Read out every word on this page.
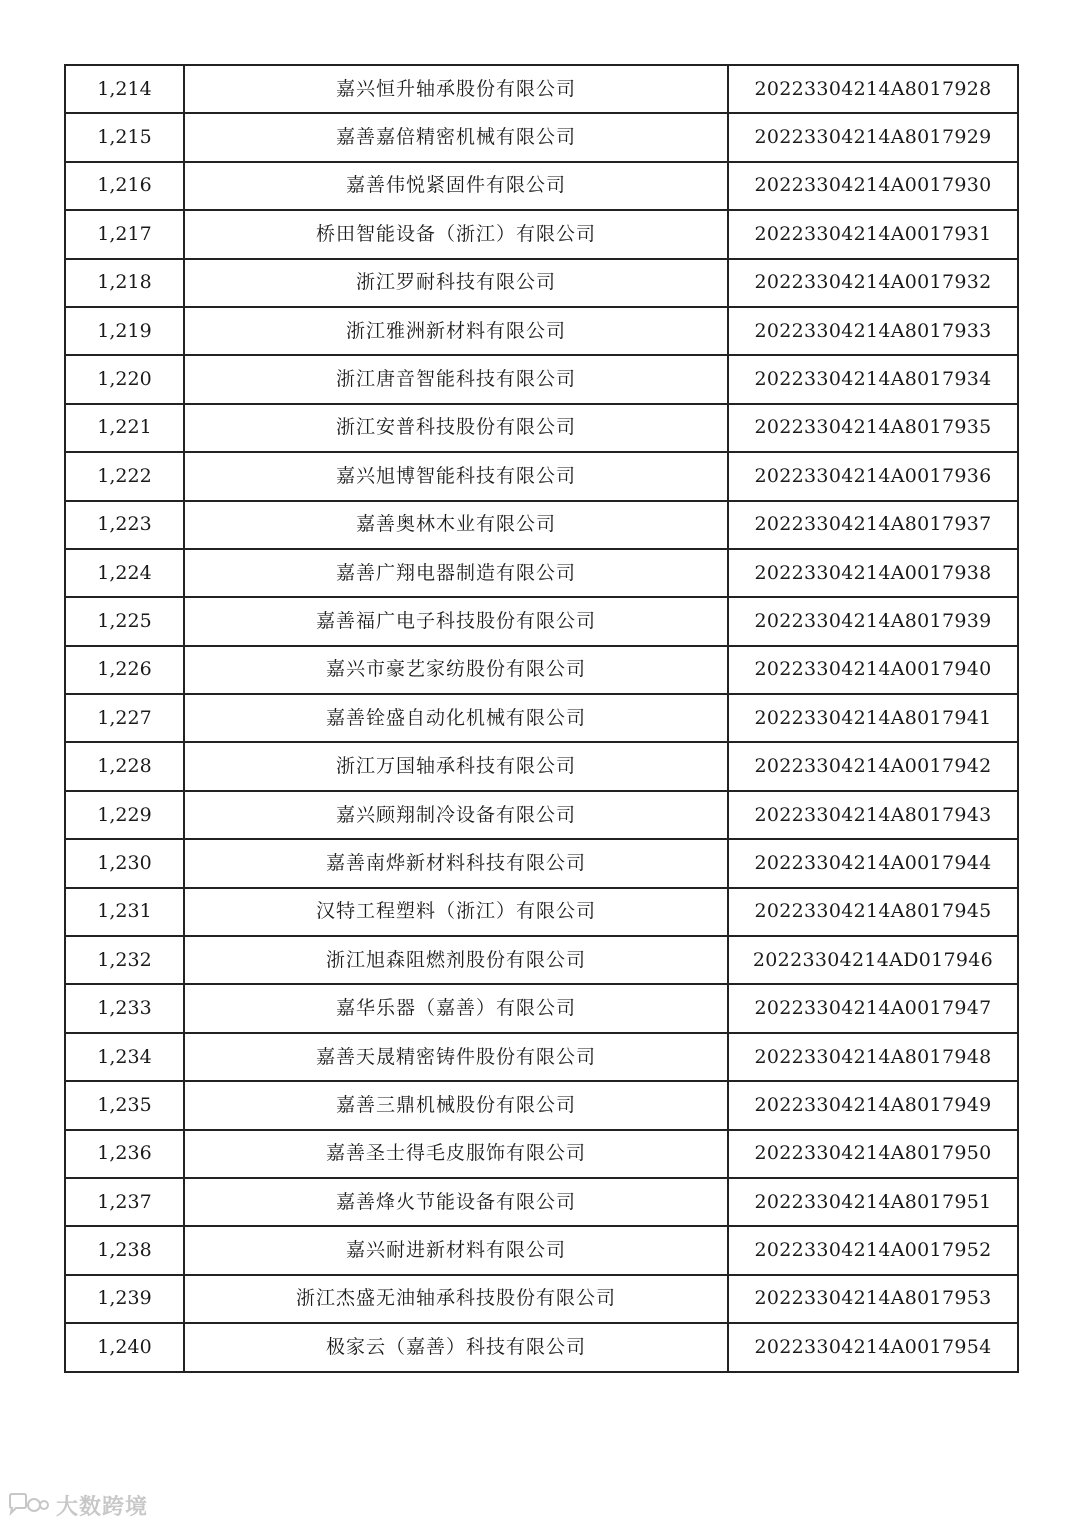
1,214	嘉兴恒升轴承股份有限公司	20223304214A8017928
1,215	嘉善嘉倍精密机械有限公司	20223304214A8017929
1,216	嘉善伟悦紧固件有限公司	20223304214A0017930
1,217	桥田智能设备（浙江）有限公司	20223304214A0017931
1,218	浙江罗耐科技有限公司	20223304214A0017932
1,219	浙江雅洲新材料有限公司	20223304214A8017933
1,220	浙江唐音智能科技有限公司	20223304214A8017934
1,221	浙江安普科技股份有限公司	20223304214A8017935
1,222	嘉兴旭博智能科技有限公司	20223304214A0017936
1,223	嘉善奥林木业有限公司	20223304214A8017937
1,224	嘉善广翔电器制造有限公司	20223304214A0017938
1,225	嘉善福广电子科技股份有限公司	20223304214A8017939
1,226	嘉兴市豪艺家纺股份有限公司	20223304214A0017940
1,227	嘉善铨盛自动化机械有限公司	20223304214A8017941
1,228	浙江万国轴承科技有限公司	20223304214A0017942
1,229	嘉兴顾翔制冷设备有限公司	20223304214A8017943
1,230	嘉善南烨新材料科技有限公司	20223304214A0017944
1,231	汉特工程塑料（浙江）有限公司	20223304214A8017945
1,232	浙江旭森阻燃剂股份有限公司	20223304214AD017946
1,233	嘉华乐器（嘉善）有限公司	20223304214A0017947
1,234	嘉善天晟精密铸件股份有限公司	20223304214A8017948
1,235	嘉善三鼎机械股份有限公司	20223304214A8017949
1,236	嘉善圣士得毛皮服饰有限公司	20223304214A8017950
1,237	嘉善烽火节能设备有限公司	20223304214A8017951
1,238	嘉兴耐进新材料有限公司	20223304214A0017952
1,239	浙江杰盛无油轴承科技股份有限公司	20223304214A8017953
1,240	极家云（嘉善）科技有限公司	20223304214A0017954
大数跨境
